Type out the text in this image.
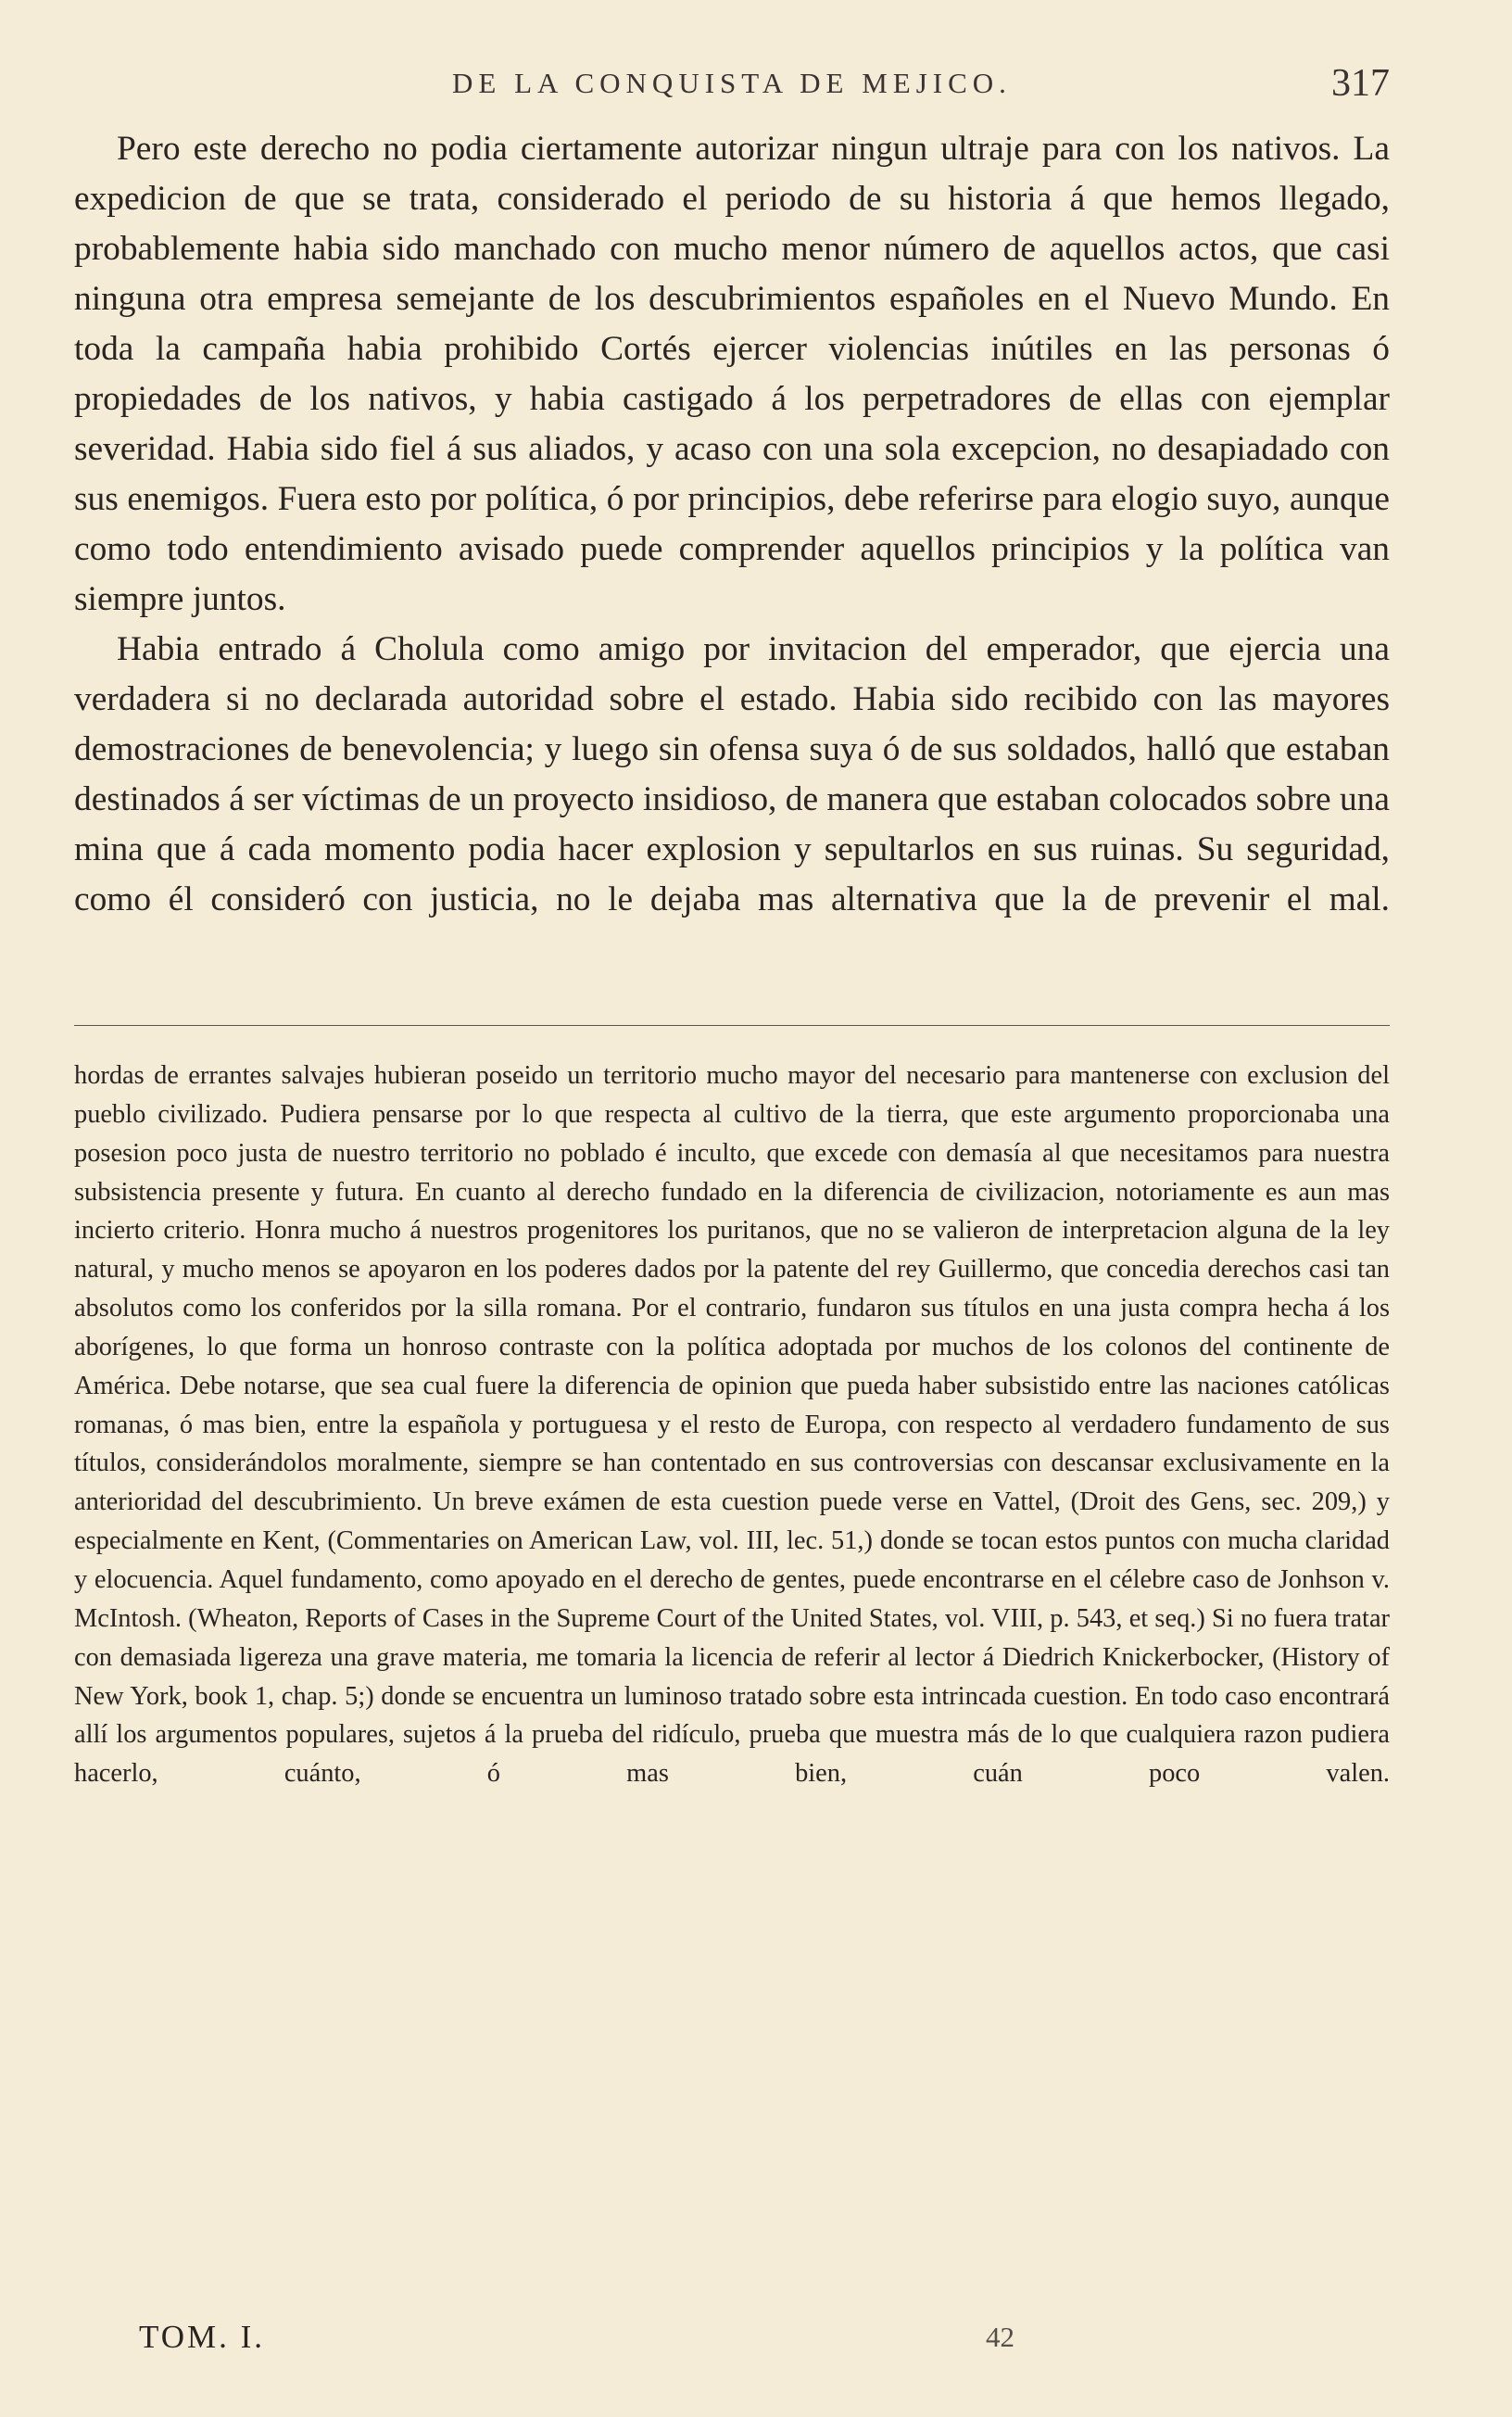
DE LA CONQUISTA DE MEJICO.	317

Pero este derecho no podia ciertamente autorizar ningun ultraje para con los nativos. La expedicion de que se trata, considerado el periodo de su historia á que hemos llegado, probablemente habia sido manchado con mucho menor número de aquellos actos, que casi ninguna otra empresa semejante de los descubrimientos españoles en el Nuevo Mundo. En toda la campaña habia prohibido Cortés ejercer violencias inútiles en las personas ó propiedades de los nativos, y habia castigado á los perpetradores de ellas con ejemplar severidad. Habia sido fiel á sus aliados, y acaso con una sola excepcion, no desapiadado con sus enemigos. Fuera esto por política, ó por principios, debe referirse para elogio suyo, aunque como todo entendimiento avisado puede comprender aquellos principios y la política van siempre juntos.

Habia entrado á Cholula como amigo por invitacion del emperador, que ejercia una verdadera si no declarada autoridad sobre el estado. Habia sido recibido con las mayores demostraciones de benevolencia; y luego sin ofensa suya ó de sus soldados, halló que estaban destinados á ser víctimas de un proyecto insidioso, de manera que estaban colocados sobre una mina que á cada momento podia hacer explosion y sepultarlos en sus ruinas. Su seguridad, como él consideró con justicia, no le dejaba mas alternativa que la de prevenir el mal.

hordas de errantes salvajes hubieran poseido un territorio mucho mayor del necesario para mantenerse con exclusion del pueblo civilizado. Pudiera pensarse por lo que respecta al cultivo de la tierra, que este argumento proporcionaba una posesion poco justa de nuestro territorio no poblado é inculto, que excede con demasía al que necesitamos para nuestra subsistencia presente y futura. En cuanto al derecho fundado en la diferencia de civilizacion, notoriamente es aun mas incierto criterio. Honra mucho á nuestros progenitores los puritanos, que no se valieron de interpretacion alguna de la ley natural, y mucho menos se apoyaron en los poderes dados por la patente del rey Guillermo, que concedia derechos casi tan absolutos como los conferidos por la silla romana. Por el contrario, fundaron sus títulos en una justa compra hecha á los aborígenes, lo que forma un honroso contraste con la política adoptada por muchos de los colonos del continente de América. Debe notarse, que sea cual fuere la diferencia de opinion que pueda haber subsistido entre las naciones católicas romanas, ó mas bien, entre la española y portuguesa y el resto de Europa, con respecto al verdadero fundamento de sus títulos, considerándolos moralmente, siempre se han contentado en sus controversias con descansar exclusivamente en la anterioridad del descubrimiento. Un breve exámen de esta cuestion puede verse en Vattel, (Droit des Gens, sec. 209,) y especialmente en Kent, (Commentaries on American Law, vol. III, lec. 51,) donde se tocan estos puntos con mucha claridad y elocuencia. Aquel fundamento, como apoyado en el derecho de gentes, puede encontrarse en el célebre caso de Jonhson v. McIntosh. (Wheaton, Reports of Cases in the Supreme Court of the United States, vol. VIII, p. 543, et seq.) Si no fuera tratar con demasiada ligereza una grave materia, me tomaria la licencia de referir al lector á Diedrich Knickerbocker, (History of New York, book 1, chap. 5;) donde se encuentra un luminoso tratado sobre esta intrincada cuestion. En todo caso encontrará allí los argumentos populares, sujetos á la prueba del ridículo, prueba que muestra más de lo que cualquiera razon pudiera hacerlo, cuánto, ó mas bien, cuán poco valen.

TOM. I.	42
